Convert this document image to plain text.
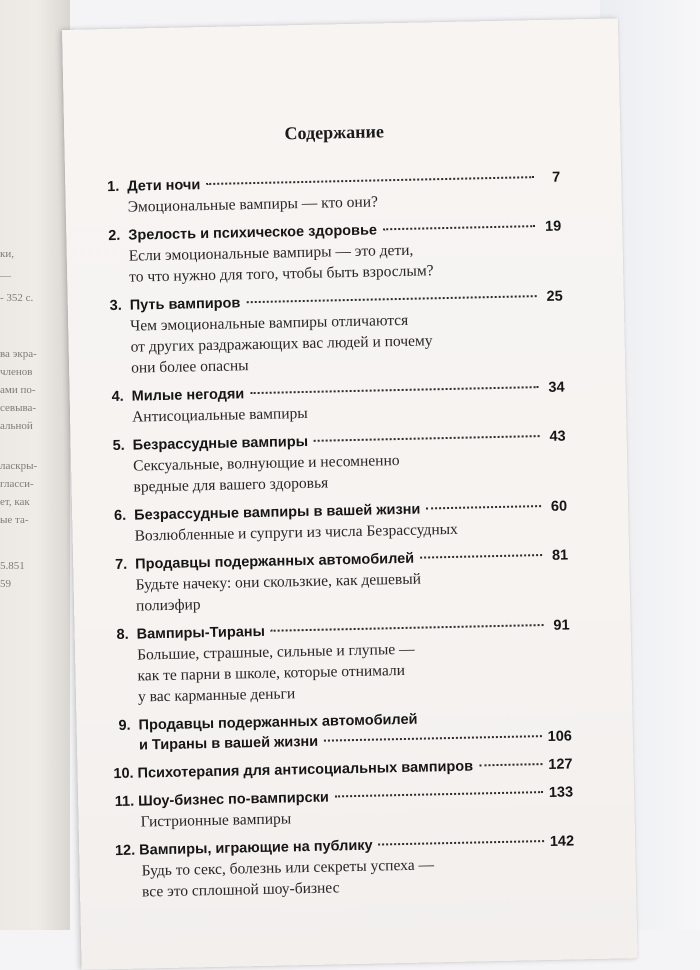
ки,
—
- 352 с.
ва экра-
членов
ами по-
севыва-
альной
ласкры-
гласси-
ет, как
ые та-
5.851
59
Содержание
1. Дети ночи	7
Эмоциональные вампиры — кто они?
2. Зрелость и психическое здоровье	19
Если эмоциональные вампиры — это дети,
то что нужно для того, чтобы быть взрослым?
3. Путь вампиров	25
Чем эмоциональные вампиры отличаются
от других раздражающих вас людей и почему
они более опасны
4. Милые негодяи	34
Антисоциальные вампиры
5. Безрассудные вампиры	43
Сексуальные, волнующие и несомненно
вредные для вашего здоровья
6. Безрассудные вампиры в вашей жизни	60
Возлюбленные и супруги из числа Безрассудных
7. Продавцы подержанных автомобилей	81
Будьте начеку: они скользкие, как дешевый
полиэфир
8. Вампиры-Тираны	91
Большие, страшные, сильные и глупые —
как те парни в школе, которые отнимали
у вас карманные деньги
9. Продавцы подержанных автомобилей
и Тираны в вашей жизни	106
10. Психотерапия для антисоциальных вампиров	127
11. Шоу-бизнес по-вампирски	133
Гистрионные вампиры
12. Вампиры, играющие на публику	142
Будь то секс, болезнь или секреты успеха —
все это сплошной шоу-бизнес
